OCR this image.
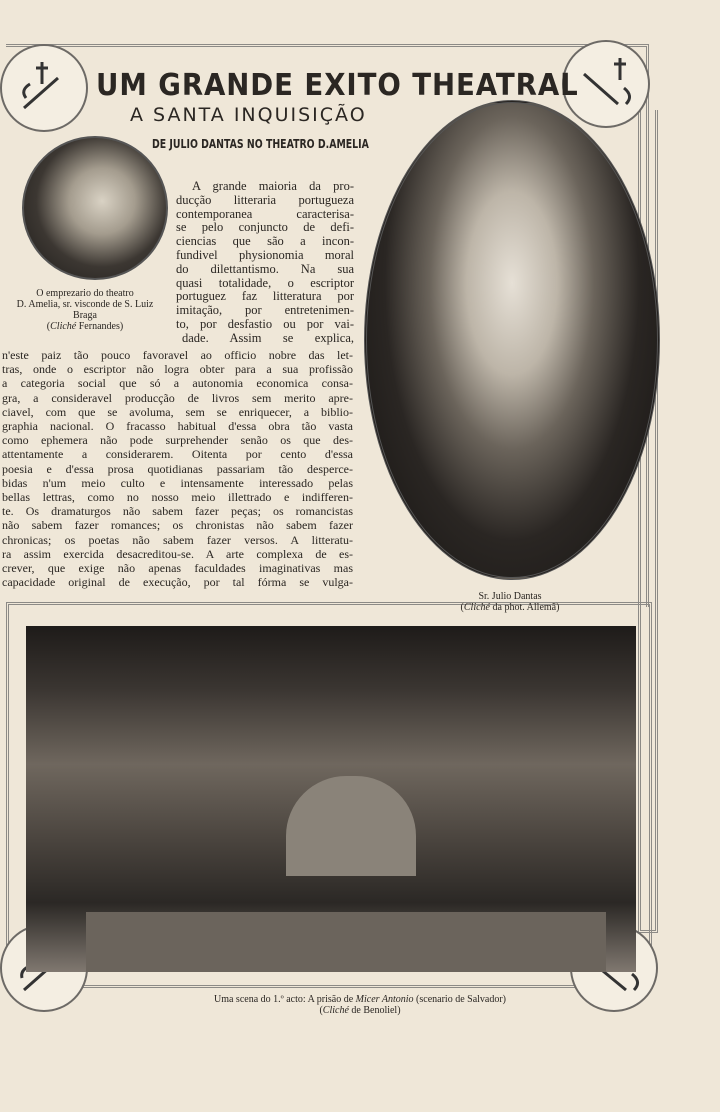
UM GRANDE EXITO THEATRAL
A SANTA INQUISIÇÃO
DE JULIO DANTAS NO THEATRO D.AMELIA
O emprezario do theatro
D. Amelia, sr. visconde de S. Luiz
Braga
(Cliché Fernandes)
Sr. Julio Dantas
(Cliché da phot. Allemã)
A grande maioria da pro-
ducção litteraria portugueza
contemporanea caracterisa-
se pelo conjuncto de defi-
ciencias que são a incon-
fundivel physionomia moral
do dilettantismo. Na sua
quasi totalidade, o escriptor
portuguez faz litteratura por
imitação, por entretenimen-
to, por desfastio ou por vai-
dade. Assim se explica,
n'este paiz tão pouco favoravel ao officio nobre das let-
tras, onde o escriptor não logra obter para a sua profissão
a categoria social que só a autonomia economica consa-
gra, a consideravel producção de livros sem merito apre-
ciavel, com que se avoluma, sem se enriquecer, a biblio-
graphia nacional. O fracasso habitual d'essa obra tão vasta
como ephemera não pode surprehender senão os que des-
attentamente a considerarem. Oitenta por cento d'essa
poesia e d'essa prosa quotidianas passariam tão desperce-
bidas n'um meio culto e intensamente interessado pelas
bellas lettras, como no nosso meio illettrado e indifferen-
te. Os dramaturgos não sabem fazer peças; os romancistas
não sabem fazer romances; os chronistas não sabem fazer
chronicas; os poetas não sabem fazer versos. A litteratu-
ra assim exercida desacreditou-se. A arte complexa de es-
crever, que exige não apenas faculdades imaginativas mas
capacidade original de execução, por tal fórma se vulga-
Uma scena do 1.º acto: A prisão de Micer Antonio (scenario de Salvador)
(Cliché de Benoliel)
